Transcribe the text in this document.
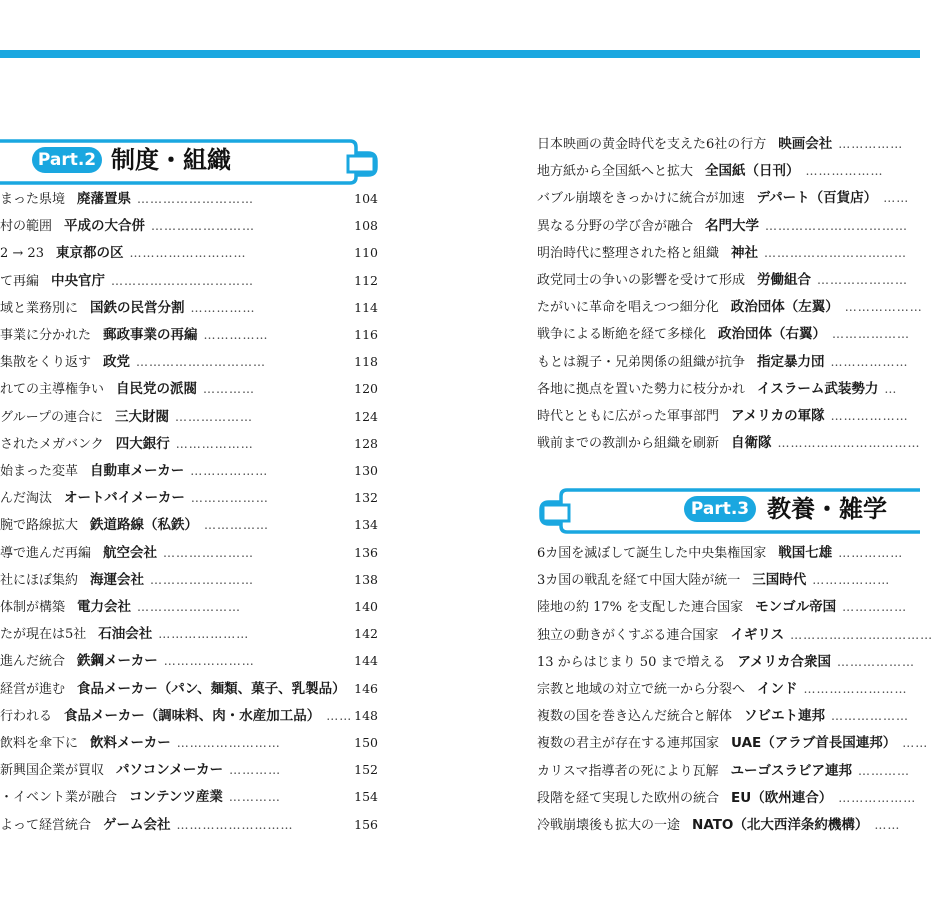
Part.2 制度・組織
まった県境 廃藩置県 ………………………	104
村の範囲 平成の大合併 ……………………	108
2 → 23 東京都の区 ………………………	110
て再編 中央官庁 ……………………………	112
域と業務別に 国鉄の民営分割 ……………	114
事業に分かれた 郵政事業の再編 ……………	116
集散をくり返す 政党 …………………………	118
れての主導権争い 自民党の派閥 …………	120
グループの連合に 三大財閥 ………………	124
されたメガバンク 四大銀行 ………………	128
始まった変革 自動車メーカー ………………	130
んだ淘汰 オートバイメーカー ………………	132
腕で路線拡大 鉄道路線（私鉄） ……………	134
導で進んだ再編 航空会社 …………………	136
社にほぼ集約 海運会社 ……………………	138
体制が構築 電力会社 ……………………	140
たが現在は5社 石油会社 …………………	142
進んだ統合 鉄鋼メーカー …………………	144
経営が進む 食品メーカー（パン、麺類、菓子、乳製品） 146
行われる 食品メーカー（調味料、肉・水産加工品） …… 148
飲料を傘下に 飲料メーカー ……………………	150
新興国企業が買収 パソコンメーカー …………	152
・イベント業が融合 コンテンツ産業 …………	154
よって経営統合 ゲーム会社 ………………………	156
日本映画の黄金時代を支えた6社の行方 映画会社 ……………
地方紙から全国紙へと拡大 全国紙（日刊） ………………
バブル崩壊をきっかけに統合が加速 デパート（百貨店） ……
異なる分野の学び舎が融合 名門大学 ……………………………
明治時代に整理された格と組織 神社 ……………………………
政党同士の争いの影響を受けて形成 労働組合 …………………
たがいに革命を唱えつつ細分化 政治団体（左翼） ………………
戦争による断絶を経て多様化 政治団体（右翼） ………………
もとは親子・兄弟関係の組織が抗争 指定暴力団 ………………
各地に拠点を置いた勢力に枝分かれ イスラーム武装勢力 …
時代とともに広がった軍事部門 アメリカの軍隊 ………………
戦前までの教訓から組織を刷新 自衛隊 ……………………………
Part.3 教養・雑学
6カ国を滅ぼして誕生した中央集権国家 戦国七雄 ……………
3カ国の戦乱を経て中国大陸が統一 三国時代 ………………
陸地の約 17% を支配した連合国家 モンゴル帝国 ……………
独立の動きがくすぶる連合国家 イギリス ……………………………
13 からはじまり 50 まで増える アメリカ合衆国 ………………
宗教と地域の対立で統一から分裂へ インド ……………………
複数の国を巻き込んだ統合と解体 ソビエト連邦 ………………
複数の君主が存在する連邦国家 UAE（アラブ首長国連邦） ……
カリスマ指導者の死により瓦解 ユーゴスラビア連邦 …………
段階を経て実現した欧州の統合 EU（欧州連合） ………………
冷戦崩壊後も拡大の一途 NATO（北大西洋条約機構） ……
